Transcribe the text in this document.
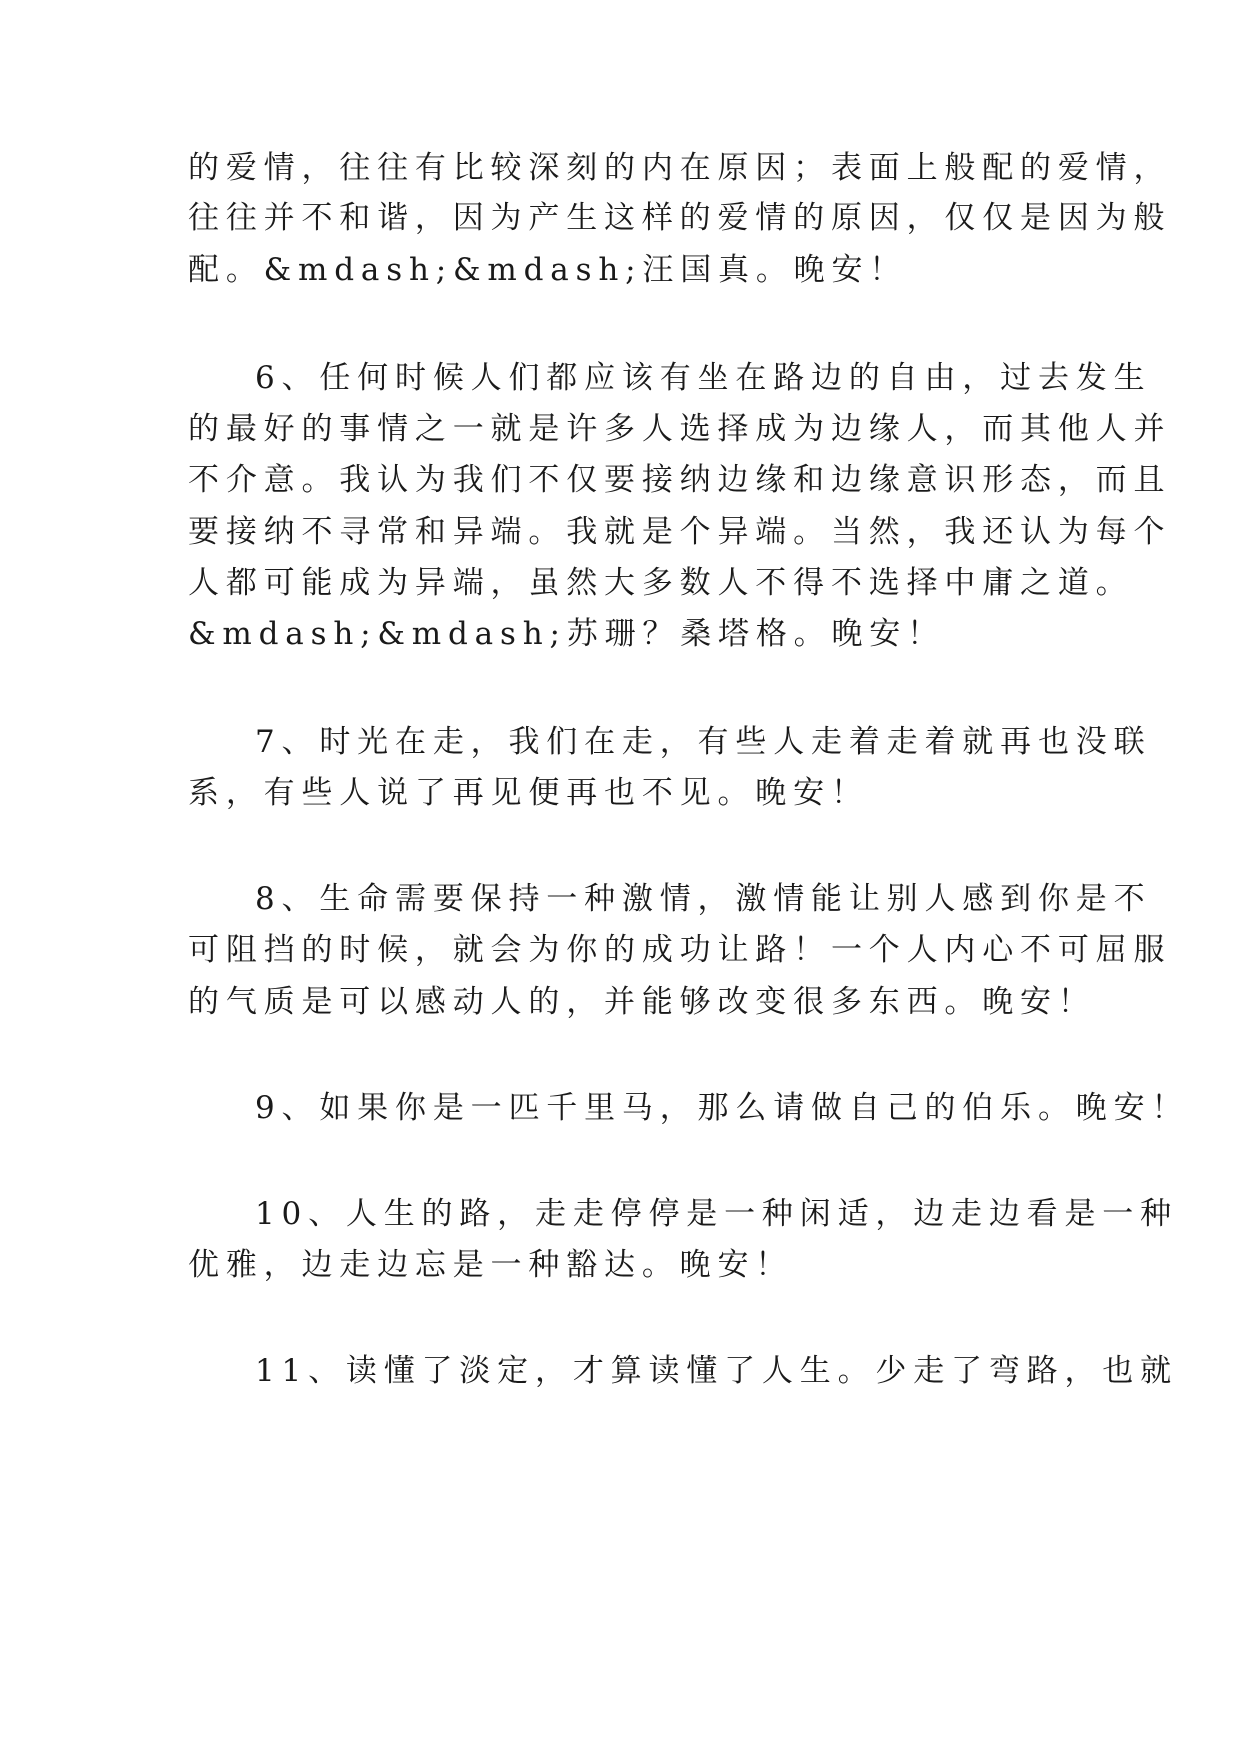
的爱情，往往有比较深刻的内在原因；表面上般配的爱情，
往往并不和谐，因为产生这样的爱情的原因，仅仅是因为般
配。&mdash;&mdash;汪国真。晚安！
6、任何时候人们都应该有坐在路边的自由，过去发生
的最好的事情之一就是许多人选择成为边缘人，而其他人并
不介意。我认为我们不仅要接纳边缘和边缘意识形态，而且
要接纳不寻常和异端。我就是个异端。当然，我还认为每个
人都可能成为异端，虽然大多数人不得不选择中庸之道。
&mdash;&mdash;苏珊？桑塔格。晚安！
7、时光在走，我们在走，有些人走着走着就再也没联
系，有些人说了再见便再也不见。晚安！
8、生命需要保持一种激情，激情能让别人感到你是不
可阻挡的时候，就会为你的成功让路！一个人内心不可屈服
的气质是可以感动人的，并能够改变很多东西。晚安！
9、如果你是一匹千里马，那么请做自己的伯乐。晚安！
10、人生的路，走走停停是一种闲适，边走边看是一种
优雅，边走边忘是一种豁达。晚安！
11、读懂了淡定，才算读懂了人生。少走了弯路，也就
